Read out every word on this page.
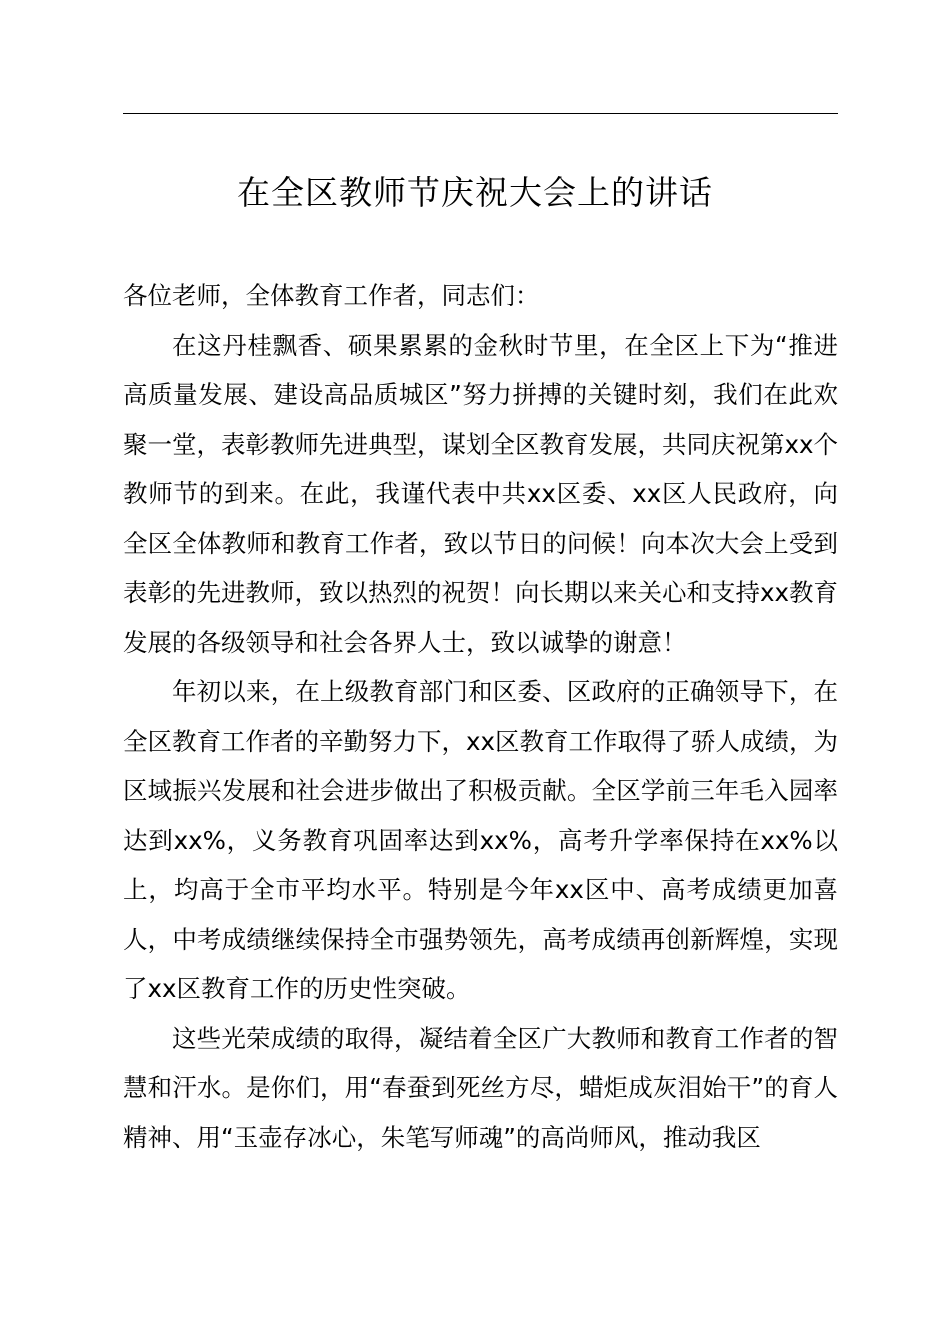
在全区教师节庆祝大会上的讲话

各位老师，全体教育工作者，同志们：

在这丹桂飘香、硕果累累的金秋时节里，在全区上下为“推进高质量发展、建设高品质城区”努力拼搏的关键时刻，我们在此欢聚一堂，表彰教师先进典型，谋划全区教育发展，共同庆祝第xx个教师节的到来。在此，我谨代表中共xx区委、xx区人民政府，向全区全体教师和教育工作者，致以节日的问候！向本次大会上受到表彰的先进教师，致以热烈的祝贺！向长期以来关心和支持xx教育发展的各级领导和社会各界人士，致以诚挚的谢意！

年初以来，在上级教育部门和区委、区政府的正确领导下，在全区教育工作者的辛勤努力下，xx区教育工作取得了骄人成绩，为区域振兴发展和社会进步做出了积极贡献。全区学前三年毛入园率达到xx%，义务教育巩固率达到xx%，高考升学率保持在xx%以上，均高于全市平均水平。特别是今年xx区中、高考成绩更加喜人，中考成绩继续保持全市强势领先，高考成绩再创新辉煌，实现了xx区教育工作的历史性突破。

这些光荣成绩的取得，凝结着全区广大教师和教育工作者的智慧和汗水。是你们，用“春蚕到死丝方尽，蜡炬成灰泪始干”的育人精神、用“玉壶存冰心，朱笔写师魂”的高尚师风，推动我区
